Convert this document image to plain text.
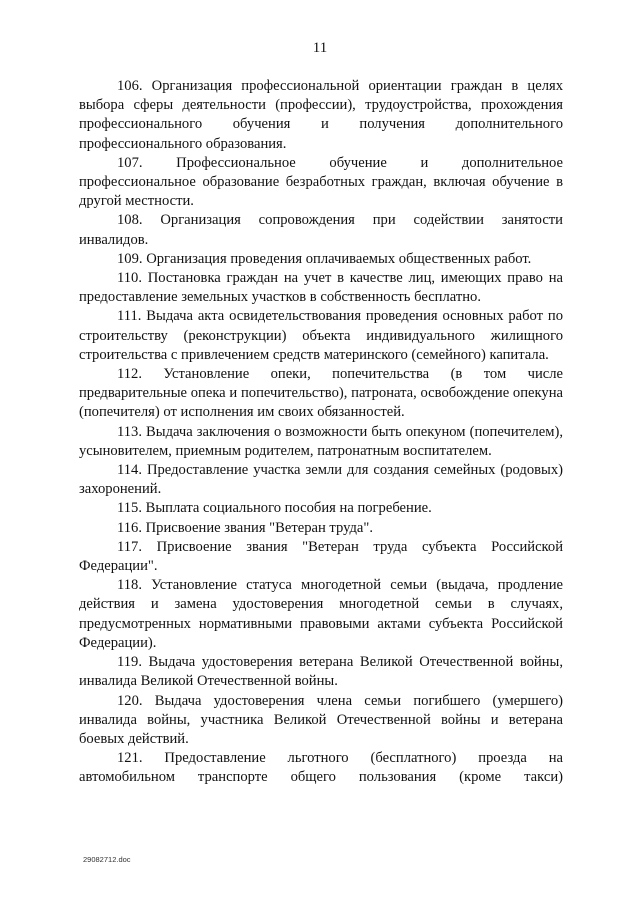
11

106. Организация профессиональной ориентации граждан в целях выбора сферы деятельности (профессии), трудоустройства, прохождения профессионального обучения и получения дополнительного профессионального образования.

107. Профессиональное обучение и дополнительное профессиональное образование безработных граждан, включая обучение в другой местности.

108. Организация сопровождения при содействии занятости инвалидов.

109. Организация проведения оплачиваемых общественных работ.

110. Постановка граждан на учет в качестве лиц, имеющих право на предоставление земельных участков в собственность бесплатно.

111. Выдача акта освидетельствования проведения основных работ по строительству (реконструкции) объекта индивидуального жилищного строительства с привлечением средств материнского (семейного) капитала.

112. Установление опеки, попечительства (в том числе предварительные опека и попечительство), патроната, освобождение опекуна (попечителя) от исполнения им своих обязанностей.

113. Выдача заключения о возможности быть опекуном (попечителем), усыновителем, приемным родителем, патронатным воспитателем.

114. Предоставление участка земли для создания семейных (родовых) захоронений.

115. Выплата социального пособия на погребение.

116. Присвоение звания "Ветеран труда".

117. Присвоение звания "Ветеран труда субъекта Российской Федерации".

118. Установление статуса многодетной семьи (выдача, продление действия и замена удостоверения многодетной семьи в случаях, предусмотренных нормативными правовыми актами субъекта Российской Федерации).

119. Выдача удостоверения ветерана Великой Отечественной войны, инвалида Великой Отечественной войны.

120. Выдача удостоверения члена семьи погибшего (умершего) инвалида войны, участника Великой Отечественной войны и ветерана боевых действий.

121. Предоставление льготного (бесплатного) проезда на автомобильном транспорте общего пользования (кроме такси)

29082712.doc
